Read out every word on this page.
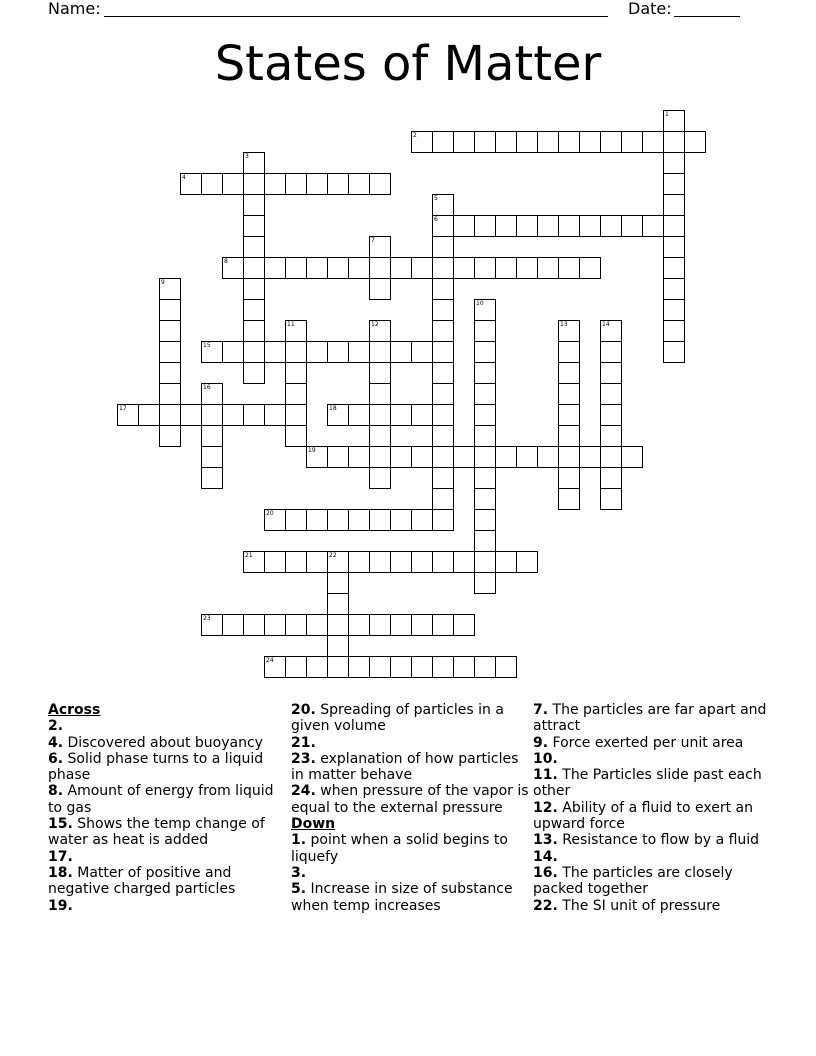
Name:	Date:
States of Matter
1
2
3
4
5
6
7
8
9
10
11	12	13	14
15
16
17	18
19
20
21	22
23
24

Across

2.

4. Discovered about buoyancy

6. Solid phase turns to a liquid phase

8. Amount of energy from liquid to gas

15. Shows the temp change of water as heat is added

17.

18. Matter of positive and negative charged particles

19.

20. Spreading of particles in a given volume

21.

23. explanation of how particles in matter behave

24. when pressure of the vapor is equal to the external pressure

Down

1. point when a solid begins to liquefy

3.

5. Increase in size of substance when temp increases

7. The particles are far apart and attract

9. Force exerted per unit area

10.

11. The Particles slide past each other

12. Ability of a fluid to exert an upward force

13. Resistance to flow by a fluid

14.

16. The particles are closely packed together

22. The SI unit of pressure
